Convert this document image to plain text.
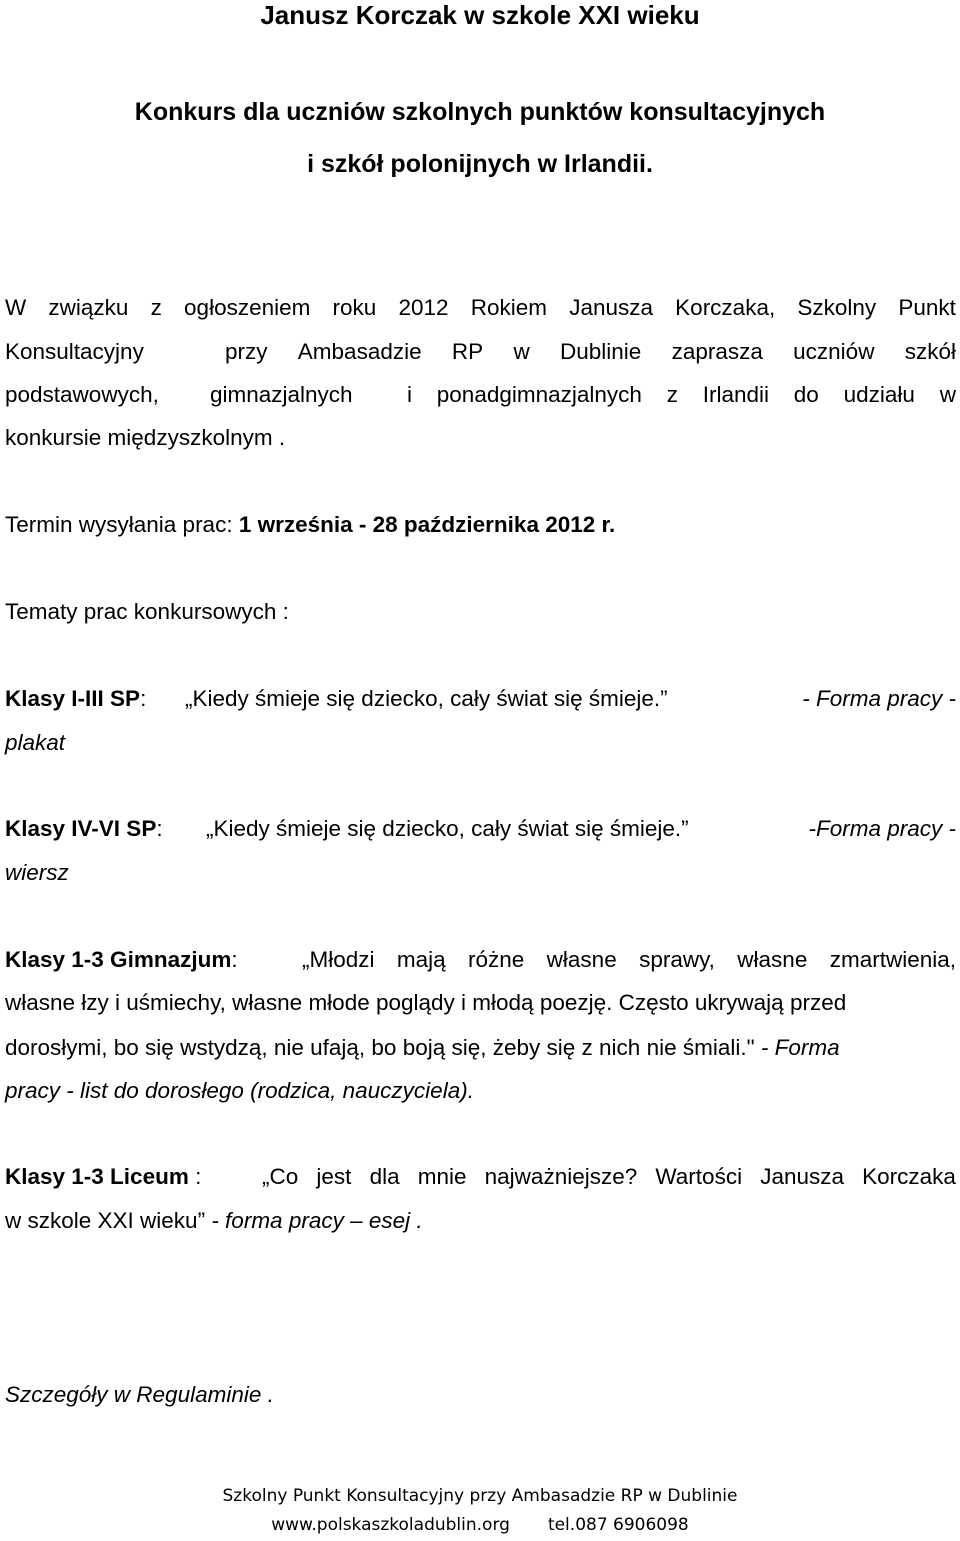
Janusz Korczak w szkole XXI wieku
Konkurs dla uczniów szkolnych punktów konsultacyjnych
i szkół polonijnych w Irlandii.
W związku z ogłoszeniem roku 2012 Rokiem Janusza Korczaka, Szkolny Punkt
Konsultacyjny	przy Ambasadzie RP w Dublinie zaprasza uczniów szkół
podstawowych, gimnazjalnych i ponadgimnazjalnych z Irlandii do udziału w
konkursie międzyszkolnym .
Termin wysyłania prac: 1 września - 28 października 2012 r.
Tematy prac konkursowych :
Klasy I-III SP: „Kiedy śmieje się dziecko, cały świat się śmieje.”	- Forma pracy -
plakat
Klasy IV-VI SP: „Kiedy śmieje się dziecko, cały świat się śmieje.”	-Forma pracy -
wiersz
Klasy 1-3 Gimnazjum:	„Młodzi mają różne własne sprawy, własne zmartwienia,
własne łzy i uśmiechy, własne młode poglądy i młodą poezję. Często ukrywają przed
dorosłymi, bo się wstydzą, nie ufają, bo boją się, żeby się z nich nie śmiali." - Forma
pracy - list do dorosłego (rodzica, nauczyciela).
Klasy 1-3 Liceum :	„Co jest dla mnie najważniejsze? Wartości Janusza Korczaka
w szkole XXI wieku” - forma pracy – esej .
Szczegóły w Regulaminie .
Szkolny Punkt Konsultacyjny przy Ambasadzie RP w Dublinie
www.polskaszkoladublin.org tel.087 6906098
